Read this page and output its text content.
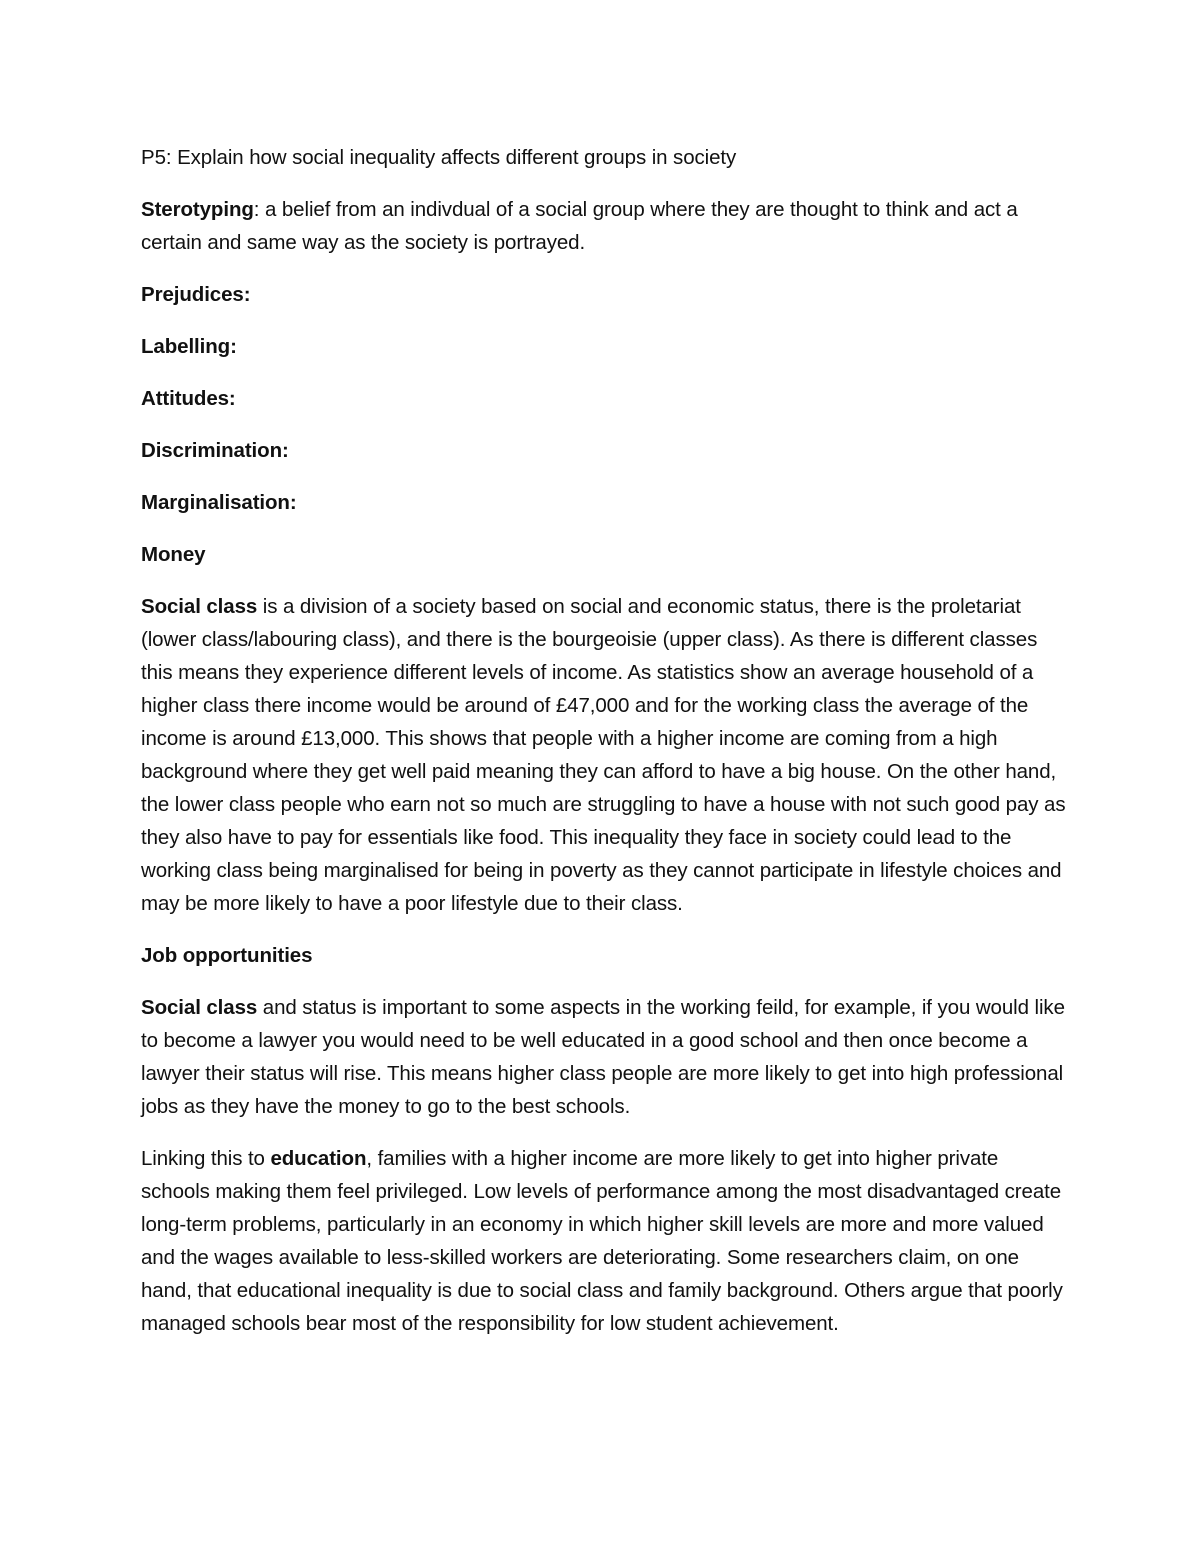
P5: Explain how social inequality affects different groups in society

Sterotyping: a belief from an indivdual of a social group where they are thought to think and act a certain and same way as the society is portrayed.

Prejudices:

Labelling:

Attitudes:

Discrimination:

Marginalisation:

Money

Social class is a division of a society based on social and economic status, there is the proletariat (lower class/labouring class), and there is the bourgeoisie (upper class). As there is different classes this means they experience different levels of income. As statistics show an average household of a higher class there income would be around of £47,000 and for the working class the average of the income is around £13,000. This shows that people with a higher income are coming from a high background where they get well paid meaning they can afford to have a big house. On the other hand, the lower class people who earn not so much are struggling to have a house with not such good pay as they also have to pay for essentials like food. This inequality they face in society could lead to the working class being marginalised for being in poverty as they cannot participate in lifestyle choices and may be more likely to have a poor lifestyle due to their class.

Job opportunities

Social class and status is important to some aspects in the working feild, for example, if you would like to become a lawyer you would need to be well educated in a good school and then once become a lawyer their status will rise. This means higher class people are more likely to get into high professional jobs as they have the money to go to the best schools.

Linking this to education, families with a higher income are more likely to get into higher private schools making them feel privileged. Low levels of performance among the most disadvantaged create long-term problems, particularly in an economy in which higher skill levels are more and more valued and the wages available to less-skilled workers are deteriorating. Some researchers claim, on one hand, that educational inequality is due to social class and family background. Others argue that poorly managed schools bear most of the responsibility for low student achievement.
